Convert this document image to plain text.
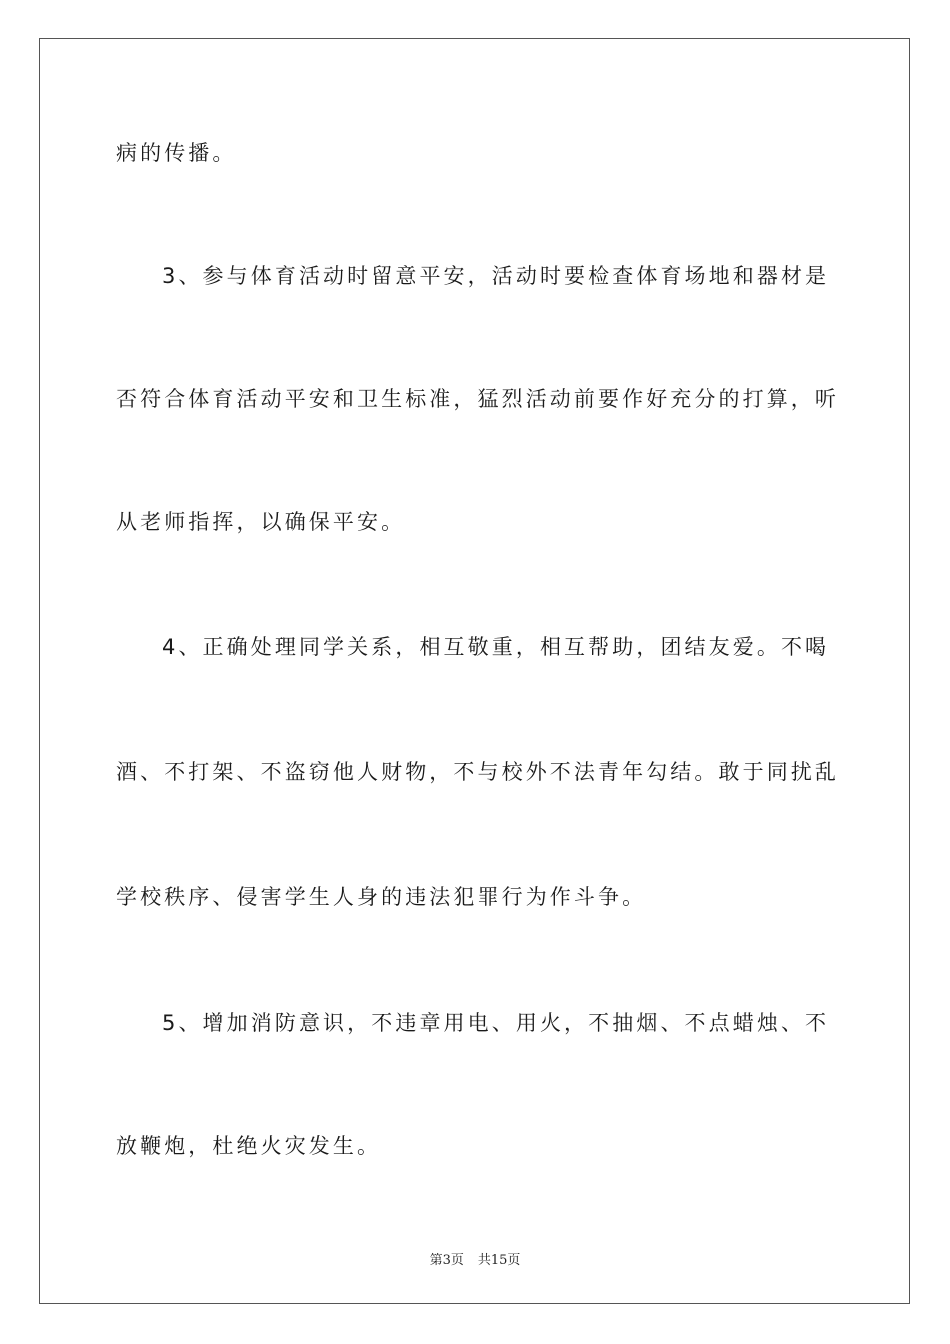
病的传播。
3、参与体育活动时留意平安，活动时要检查体育场地和器材是
否符合体育活动平安和卫生标准，猛烈活动前要作好充分的打算，听
从老师指挥，以确保平安。
4、正确处理同学关系，相互敬重，相互帮助，团结友爱。不喝
酒、不打架、不盗窃他人财物，不与校外不法青年勾结。敢于同扰乱
学校秩序、侵害学生人身的违法犯罪行为作斗争。
5、增加消防意识，不违章用电、用火，不抽烟、不点蜡烛、不
放鞭炮，杜绝火灾发生。
第3页 共15页
